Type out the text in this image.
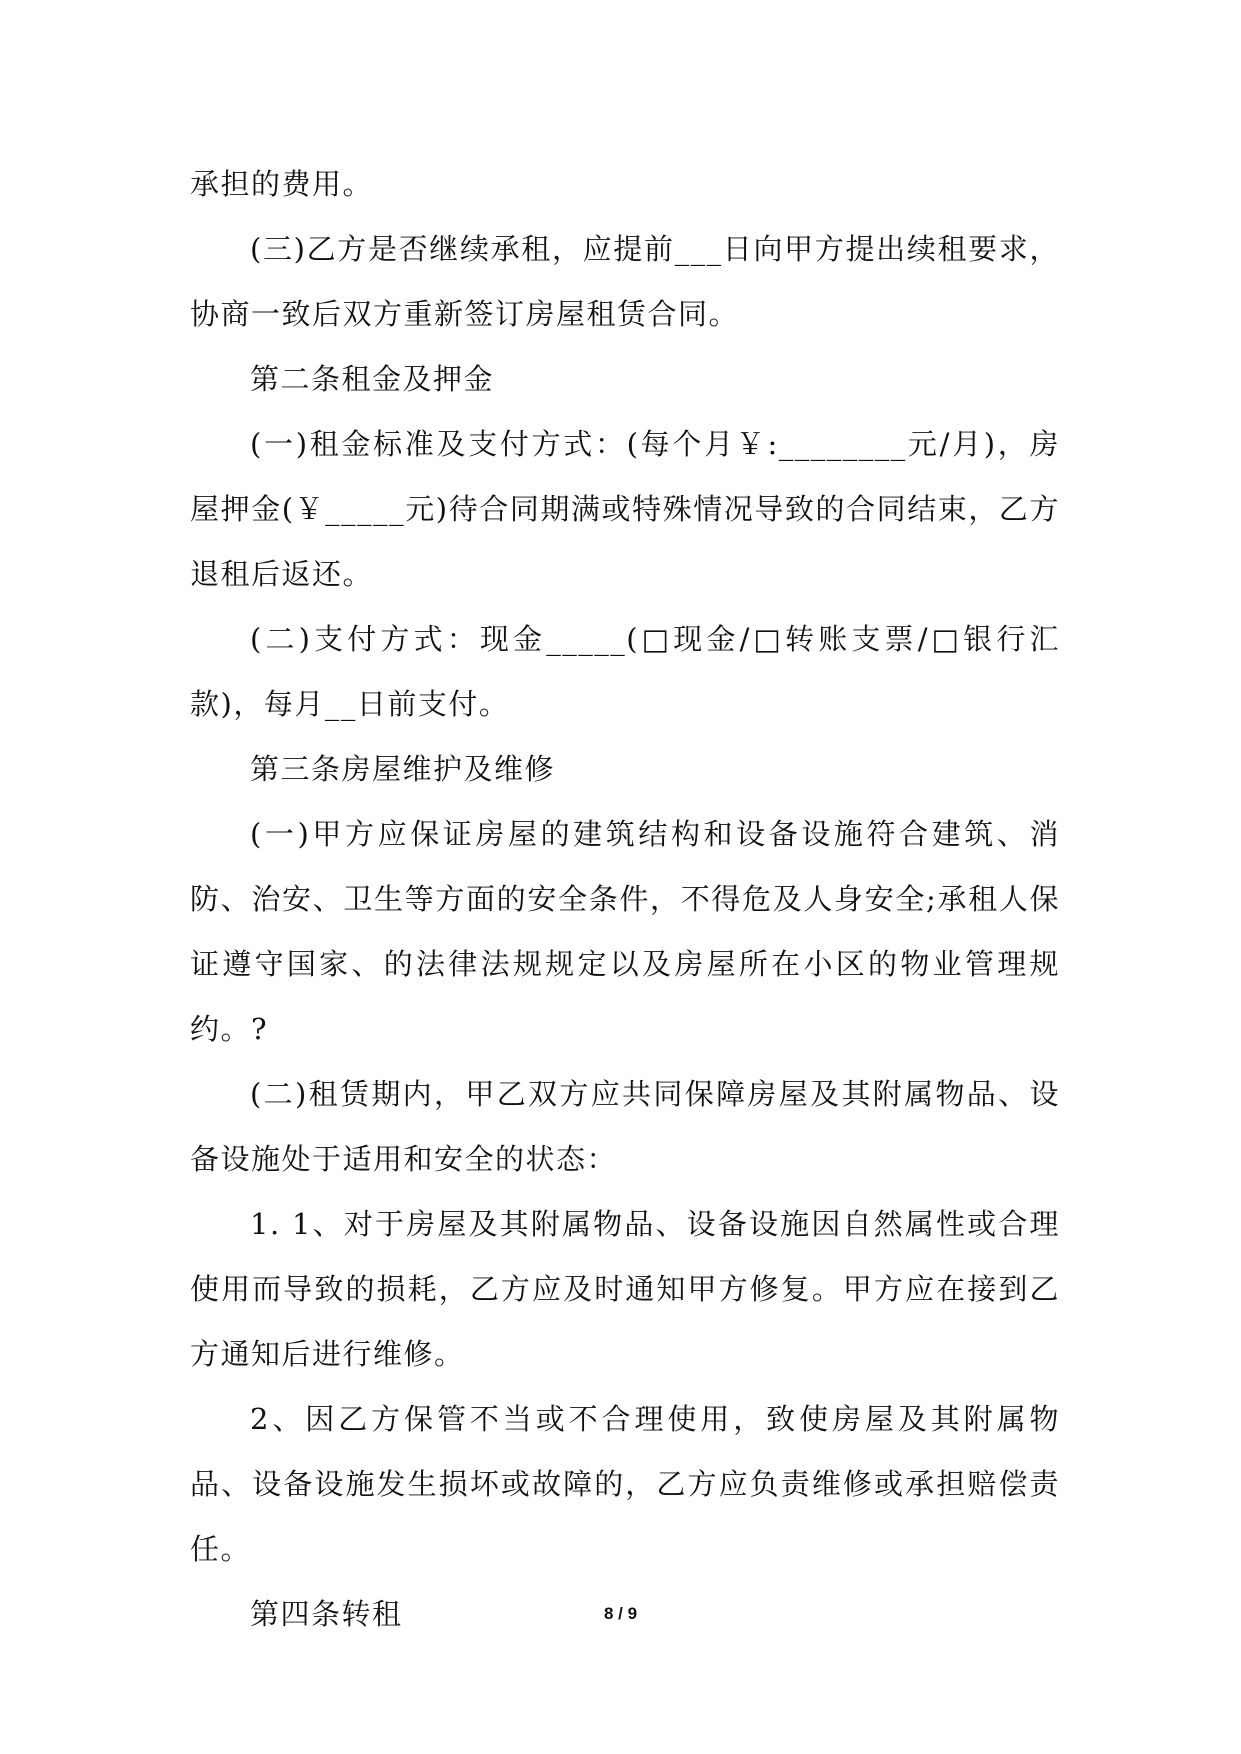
承担的费用。

(三)乙方是否继续承租，应提前___日向甲方提出续租要求，协商一致后双方重新签订房屋租赁合同。

第二条租金及押金

(一)租金标准及支付方式：(每个月￥:________元/月)，房屋押金(￥_____元)待合同期满或特殊情况导致的合同结束，乙方退租后返还。

(二)支付方式：现金_____(□现金/□转账支票/□银行汇款)，每月__日前支付。

第三条房屋维护及维修

(一)甲方应保证房屋的建筑结构和设备设施符合建筑、消防、治安、卫生等方面的安全条件，不得危及人身安全;承租人保证遵守国家、的法律法规规定以及房屋所在小区的物业管理规约。?

(二)租赁期内，甲乙双方应共同保障房屋及其附属物品、设备设施处于适用和安全的状态：

1. 1、对于房屋及其附属物品、设备设施因自然属性或合理使用而导致的损耗，乙方应及时通知甲方修复。甲方应在接到乙方通知后进行维修。

2、因乙方保管不当或不合理使用，致使房屋及其附属物品、设备设施发生损坏或故障的，乙方应负责维修或承担赔偿责任。

第四条转租	8 / 9
